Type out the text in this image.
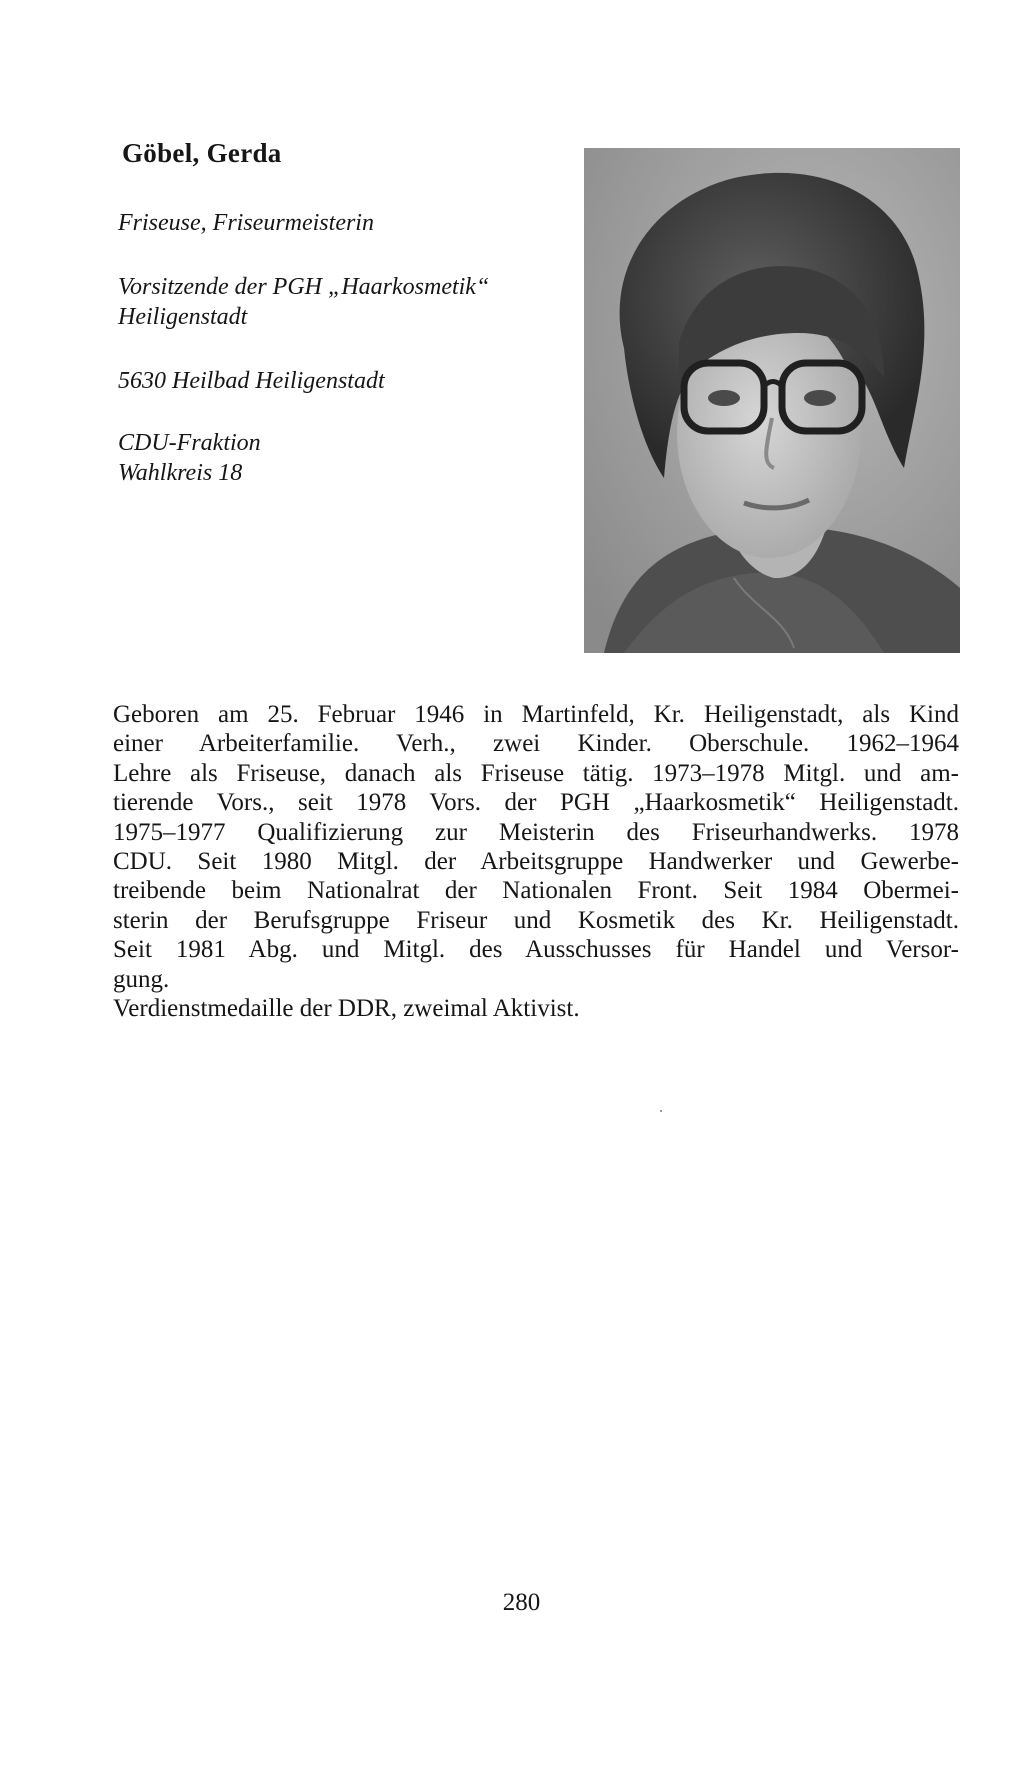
Göbel, Gerda
Friseuse, Friseurmeisterin
Vorsitzende der PGH „Haarkosmetik“
Heiligenstadt
5630 Heilbad Heiligenstadt
CDU-Fraktion
Wahlkreis 18
Geboren am 25. Februar 1946 in Martinfeld, Kr. Heiligenstadt, als Kind
einer Arbeiterfamilie. Verh., zwei Kinder. Oberschule. 1962–1964
Lehre als Friseuse, danach als Friseuse tätig. 1973–1978 Mitgl. und am-
tierende Vors., seit 1978 Vors. der PGH „Haarkosmetik“ Heiligenstadt.
1975–1977 Qualifizierung zur Meisterin des Friseurhandwerks. 1978
CDU. Seit 1980 Mitgl. der Arbeitsgruppe Handwerker und Gewerbe-
treibende beim Nationalrat der Nationalen Front. Seit 1984 Obermei-
sterin der Berufsgruppe Friseur und Kosmetik des Kr. Heiligenstadt.
Seit 1981 Abg. und Mitgl. des Ausschusses für Handel und Versor-
gung.
Verdienstmedaille der DDR, zweimal Aktivist.
280
